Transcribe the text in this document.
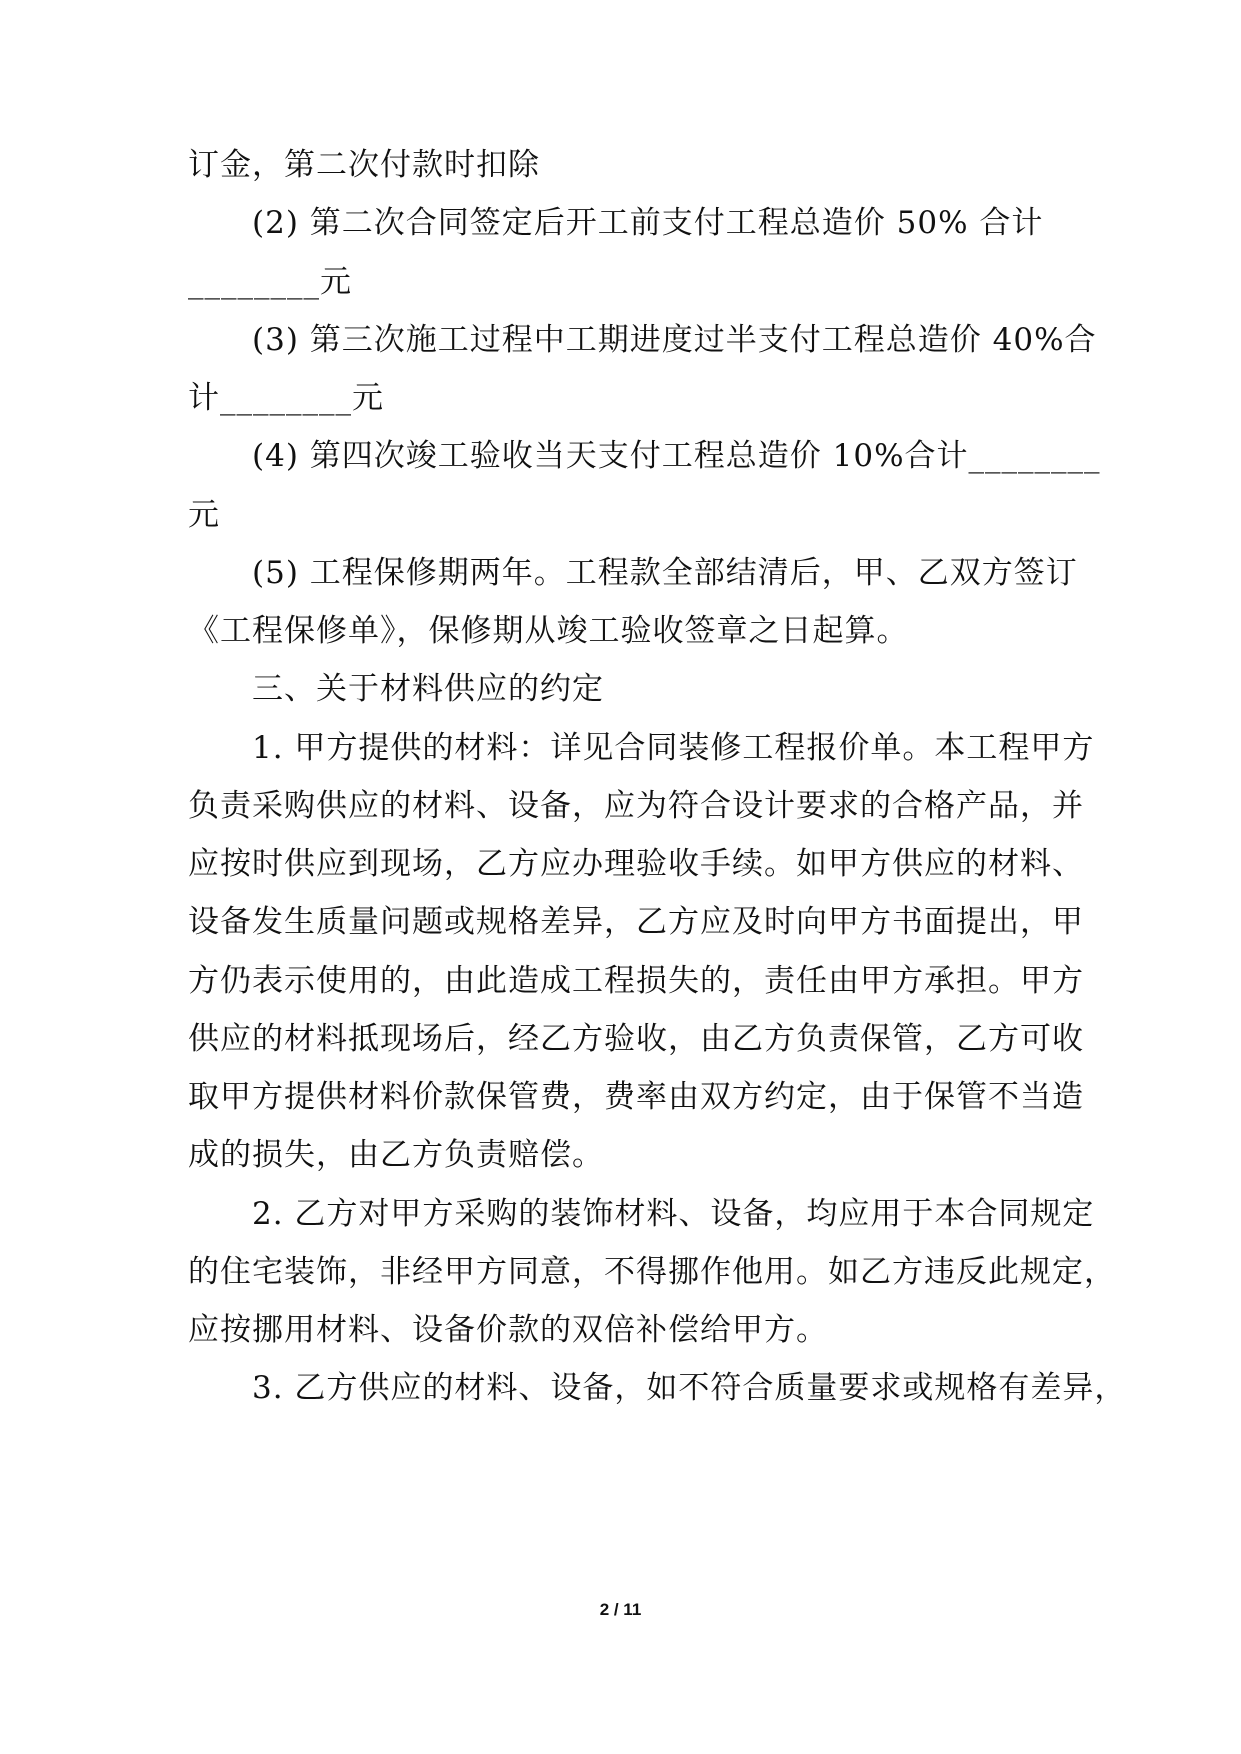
订金，第二次付款时扣除
(2) 第二次合同签定后开工前支付工程总造价 50% 合计
________元
(3) 第三次施工过程中工期进度过半支付工程总造价 40%合
计________元
(4) 第四次竣工验收当天支付工程总造价 10%合计________
元
(5) 工程保修期两年。工程款全部结清后，甲、乙双方签订
《工程保修单》，保修期从竣工验收签章之日起算。
三、关于材料供应的约定
1. 甲方提供的材料：详见合同装修工程报价单。本工程甲方
负责采购供应的材料、设备，应为符合设计要求的合格产品，并
应按时供应到现场，乙方应办理验收手续。如甲方供应的材料、
设备发生质量问题或规格差异，乙方应及时向甲方书面提出，甲
方仍表示使用的，由此造成工程损失的，责任由甲方承担。甲方
供应的材料抵现场后，经乙方验收，由乙方负责保管，乙方可收
取甲方提供材料价款保管费，费率由双方约定，由于保管不当造
成的损失，由乙方负责赔偿。
2. 乙方对甲方采购的装饰材料、设备，均应用于本合同规定
的住宅装饰，非经甲方同意，不得挪作他用。如乙方违反此规定，
应按挪用材料、设备价款的双倍补偿给甲方。
3. 乙方供应的材料、设备，如不符合质量要求或规格有差异，
2 / 11
